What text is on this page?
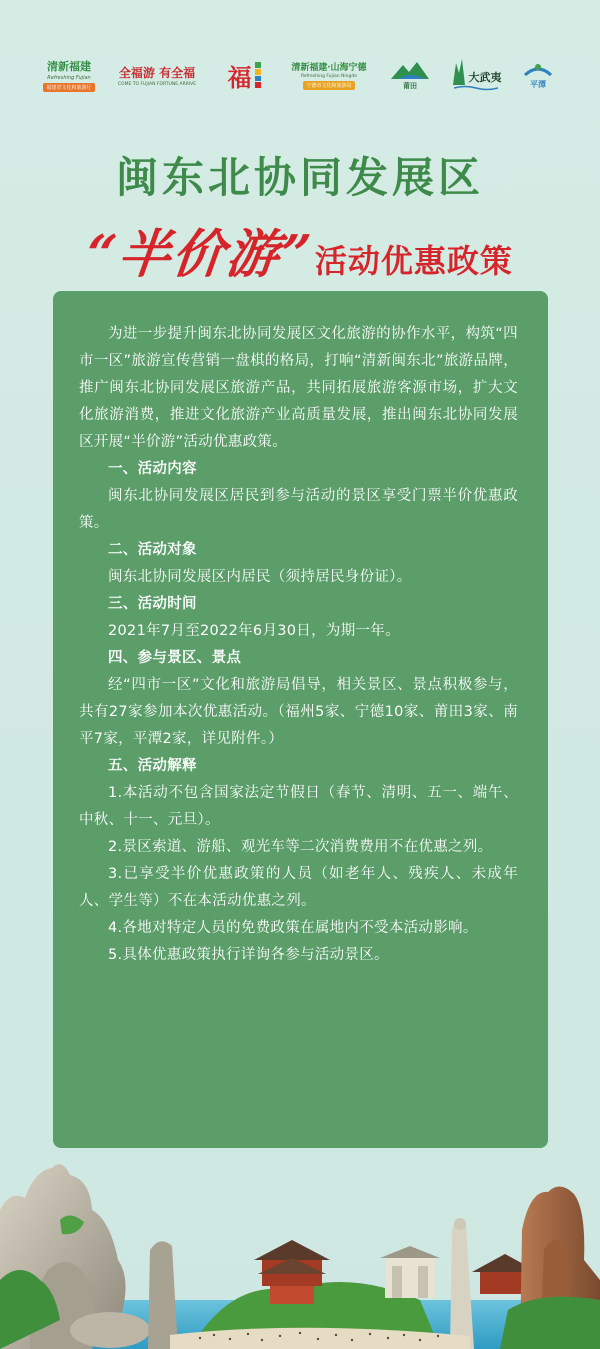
清新福建
Refreshing Fujian
福建省文化和旅游厅
全福游 有全福
COME TO FUJIAN FORTUNE ARRIVE 福	清新福建·山海宁德
Refreshing Fujian Ningde
宁德市文化和旅游局	莆田
大武夷	平潭
闽东北协同发展区
“半价游” 活动优惠政策

为进一步提升闽东北协同发展区文化旅游的协作水平，构筑“四市一区”旅游宣传营销一盘棋的格局，打响“清新闽东北”旅游品牌，推广闽东北协同发展区旅游产品，共同拓展旅游客源市场，扩大文化旅游消费，推进文化旅游产业高质量发展，推出闽东北协同发展区开展“半价游”活动优惠政策。

一、活动内容

闽东北协同发展区居民到参与活动的景区享受门票半价优惠政策。

二、活动对象

闽东北协同发展区内居民（须持居民身份证）。

三、活动时间

2021年7月至2022年6月30日，为期一年。

四、参与景区、景点

经“四市一区”文化和旅游局倡导，相关景区、景点积极参与，共有27家参加本次优惠活动。（福州5家、宁德10家、莆田3家、南平7家，平潭2家，详见附件。）

五、活动解释

1.本活动不包含国家法定节假日（春节、清明、五一、端午、中秋、十一、元旦）。

2.景区索道、游船、观光车等二次消费费用不在优惠之列。

3.已享受半价优惠政策的人员（如老年人、残疾人、未成年人、学生等）不在本活动优惠之列。

4.各地对特定人员的免费政策在属地内不受本活动影响。

5.具体优惠政策执行详询各参与活动景区。
